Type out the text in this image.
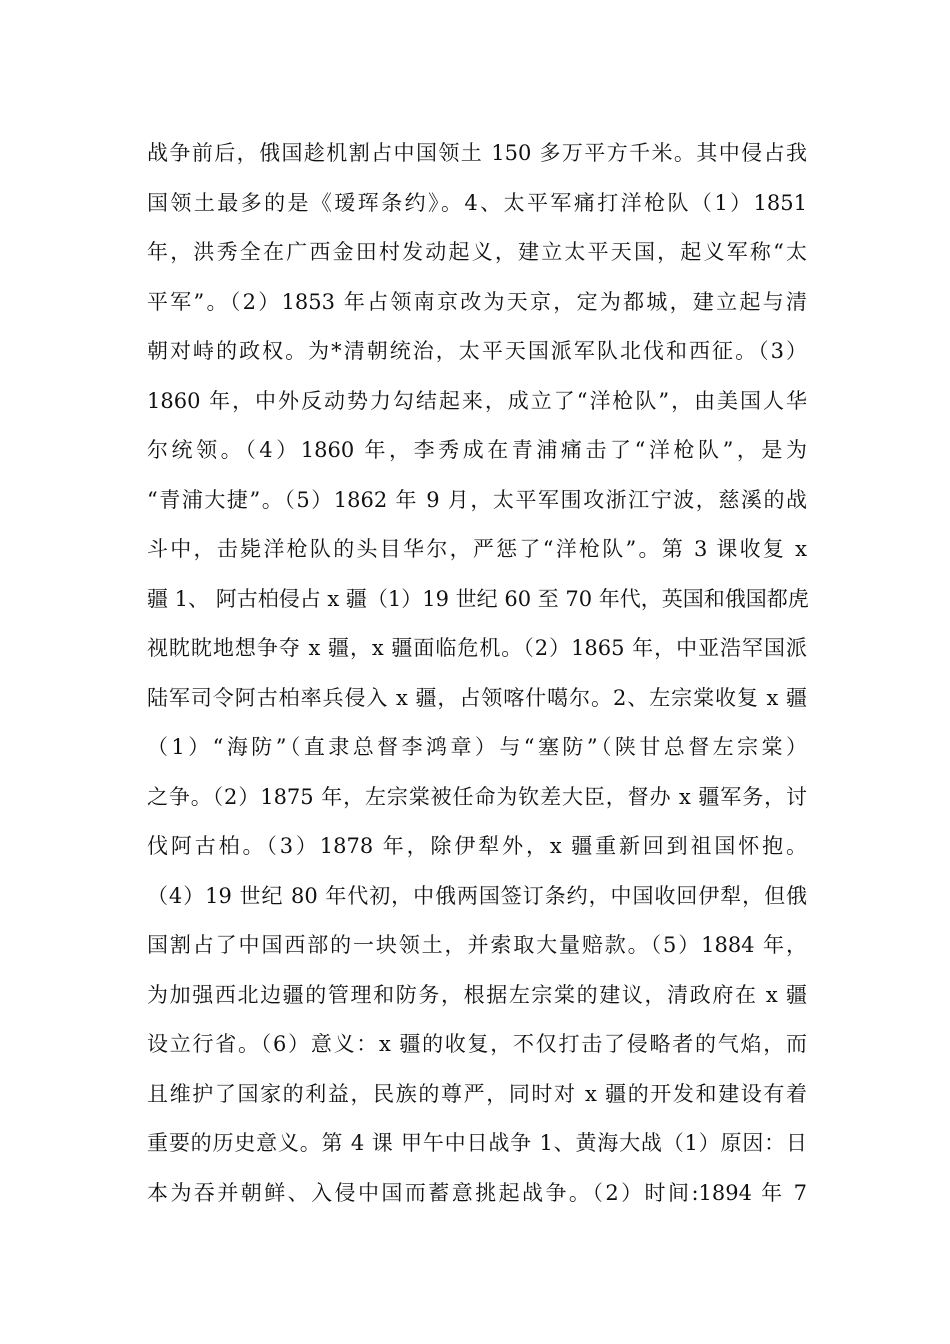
战争前后，俄国趁机割占中国领土 150 多万平方千米。其中侵占我
国领土最多的是《瑷珲条约》。4、太平军痛打洋枪队（1）1851
年，洪秀全在广西金田村发动起义，建立太平天国，起义军称“太
平军”。（2）1853 年占领南京改为天京，定为都城，建立起与清
朝对峙的政权。为*清朝统治，太平天国派军队北伐和西征。（3）
1860 年，中外反动势力勾结起来，成立了“洋枪队”，由美国人华
尔统领。（4）1860 年，李秀成在青浦痛击了“洋枪队”，是为
“青浦大捷”。（5）1862 年 9 月，太平军围攻浙江宁波，慈溪的战
斗中，击毙洋枪队的头目华尔，严惩了“洋枪队”。第 3 课收复 x
疆 1、 阿古柏侵占 x 疆（1）19 世纪 60 至 70 年代，英国和俄国都虎
视眈眈地想争夺 x 疆，x 疆面临危机。（2）1865 年，中亚浩罕国派
陆军司令阿古柏率兵侵入 x 疆，占领喀什噶尔。2、左宗棠收复 x 疆
（1）“海防”（直隶总督李鸿章）与“塞防”（陕甘总督左宗棠）
之争。（2）1875 年，左宗棠被任命为钦差大臣，督办 x 疆军务，讨
伐阿古柏。（3）1878 年，除伊犁外，x 疆重新回到祖国怀抱。
（4）19 世纪 80 年代初，中俄两国签订条约，中国收回伊犁，但俄
国割占了中国西部的一块领土，并索取大量赔款。（5）1884 年，
为加强西北边疆的管理和防务，根据左宗棠的建议，清政府在 x 疆
设立行省。（6）意义：x 疆的收复，不仅打击了侵略者的气焰，而
且维护了国家的利益，民族的尊严，同时对 x 疆的开发和建设有着
重要的历史意义。第 4 课 甲午中日战争 1、黄海大战（1）原因：日
本为吞并朝鲜、入侵中国而蓄意挑起战争。（2）时间:1894 年 7
